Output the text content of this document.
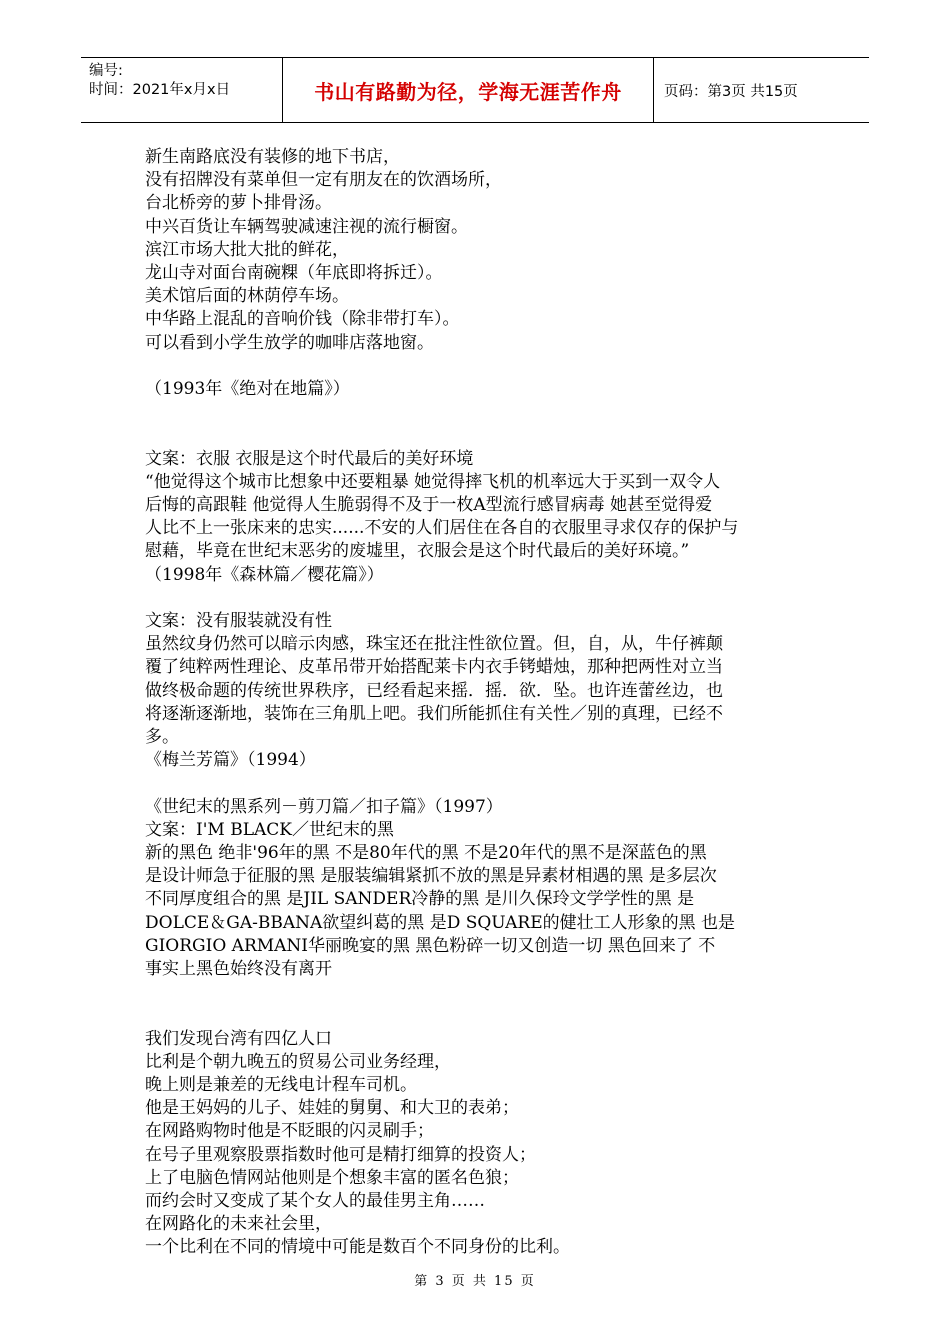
编号:
时间：2021年x月x日	书山有路勤为径，学海无涯苦作舟	页码：第3页 共15页

新生南路底没有装修的地下书店，

没有招牌没有菜单但一定有朋友在的饮酒场所，

台北桥旁的萝卜排骨汤。

中兴百货让车辆驾驶减速注视的流行橱窗。

滨江市场大批大批的鲜花，

龙山寺对面台南碗粿（年底即将拆迁）。

美术馆后面的林荫停车场。

中华路上混乱的音响价钱（除非带打车）。

可以看到小学生放学的咖啡店落地窗。

（1993年《绝对在地篇》）

文案：衣服 衣服是这个时代最后的美好环境

“他觉得这个城市比想象中还要粗暴 她觉得摔飞机的机率远大于买到一双令人

后悔的高跟鞋 他觉得人生脆弱得不及于一枚A型流行感冒病毒 她甚至觉得爱

人比不上一张床来的忠实......不安的人们居住在各自的衣服里寻求仅存的保护与

慰藉，毕竟在世纪末恶劣的废墟里，衣服会是这个时代最后的美好环境。”

（1998年《森林篇／樱花篇》）

文案：没有服装就没有性

虽然纹身仍然可以暗示肉感，珠宝还在批注性欲位置。但，自，从，牛仔裤颠

覆了纯粹两性理论、皮革吊带开始搭配莱卡内衣手铐蜡烛，那种把两性对立当

做终极命题的传统世界秩序，已经看起来摇．摇．欲．坠。也许连蕾丝边，也

将逐渐逐渐地，装饰在三角肌上吧。我们所能抓住有关性／别的真理，已经不

多。

《梅兰芳篇》（1994）

《世纪末的黑系列－剪刀篇／扣子篇》（1997）

文案：I'M BLACK／世纪末的黑

新的黑色 绝非'96年的黑 不是80年代的黑 不是20年代的黑不是深蓝色的黑

是设计师急于征服的黑 是服装编辑紧抓不放的黑是异素材相遇的黑 是多层次

不同厚度组合的黑 是JIL SANDER冷静的黑 是川久保玲文学学性的黑 是

DOLCE＆GA-BBANA欲望纠葛的黑 是D SQUARE的健壮工人形象的黑 也是

GIORGIO ARMANI华丽晚宴的黑 黑色粉碎一切又创造一切 黑色回来了 不

事实上黑色始终没有离开

我们发现台湾有四亿人口

比利是个朝九晚五的贸易公司业务经理，

晚上则是兼差的无线电计程车司机。

他是王妈妈的儿子、娃娃的舅舅、和大卫的表弟；

在网路购物时他是不眨眼的闪灵刷手；

在号子里观察股票指数时他可是精打细算的投资人；

上了电脑色情网站他则是个想象丰富的匿名色狼；

而约会时又变成了某个女人的最佳男主角……

在网路化的未来社会里，

一个比利在不同的情境中可能是数百个不同身份的比利。

第 3 页 共 15 页
